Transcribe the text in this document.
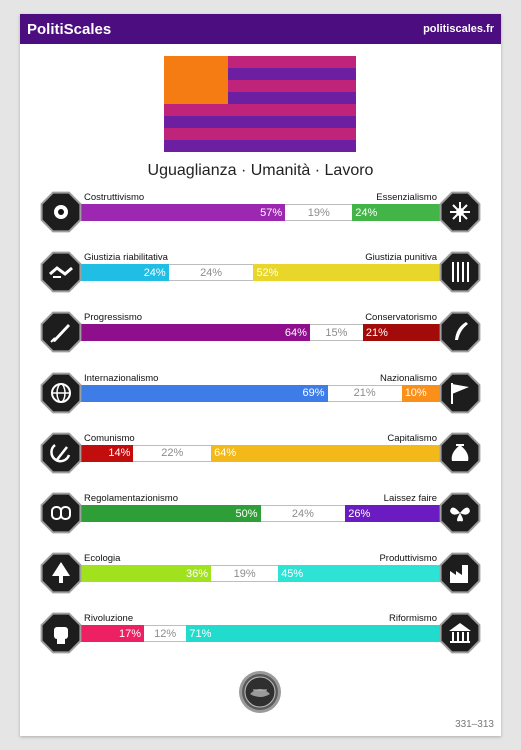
PolitiScales	politiscales.fr
Uguaglianza · Umanità · Lavoro
Costruttivismo	Essenzialismo
57% 19% 24%
Giustizia riabilitativa	Giustizia punitiva
24%	24%	52%
Progressismo	Conservatorismo
64% 15% 21%
Internazionalismo	Nazionalismo
69%	21%	10%
Comunismo	Capitalismo
14%	22%	64%
Regolamentazionismo	Laissez faire
50%	24%	26%
Ecologia	Produttivismo
36% 19% 45%
Rivoluzione	Riformismo
17% 12% 71%
331–313
